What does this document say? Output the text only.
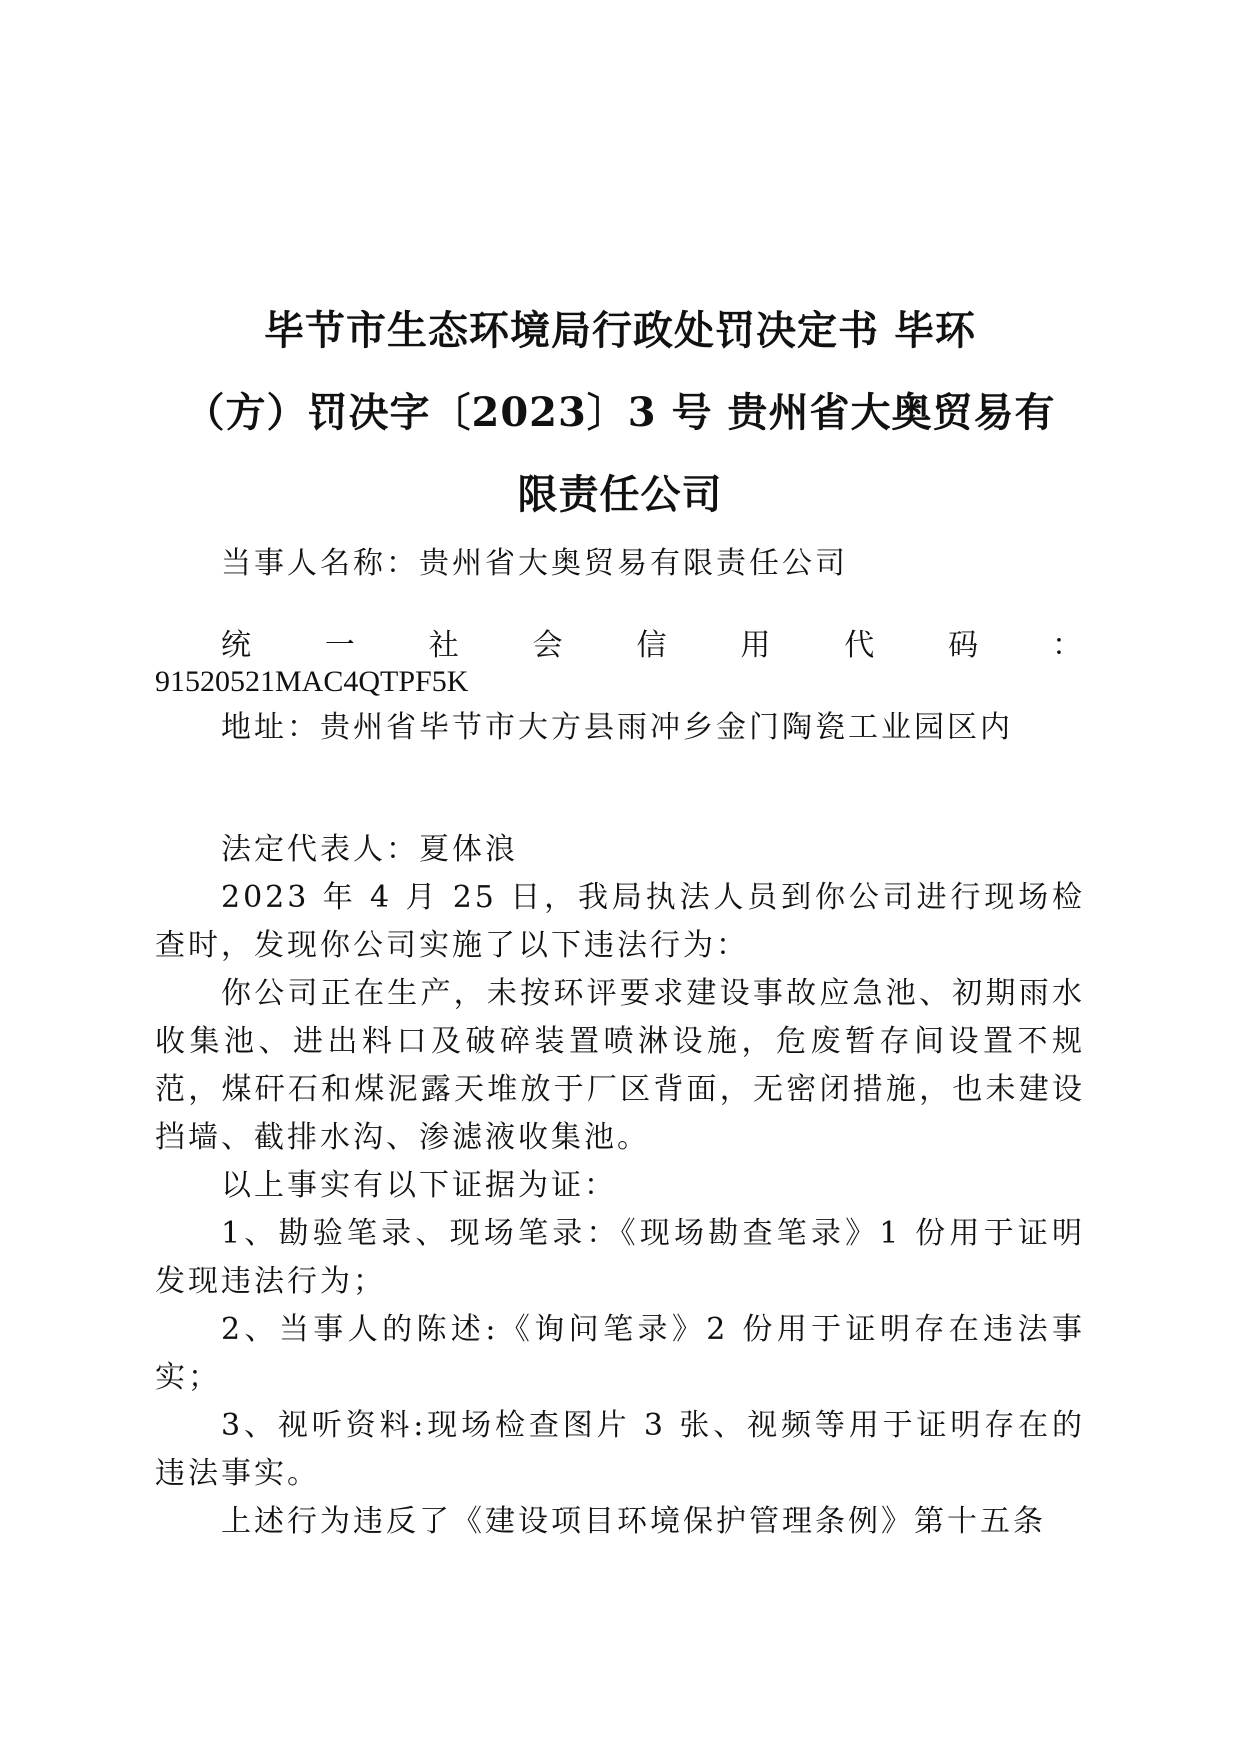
毕节市生态环境局行政处罚决定书 毕环
（方）罚决字〔2023〕3 号 贵州省大奥贸易有
限责任公司

当事人名称：贵州省大奥贸易有限责任公司

统 一 社 会 信 用 代 码 ：

91520521MAC4QTPF5K

地址：贵州省毕节市大方县雨冲乡金门陶瓷工业园区内

法定代表人：夏体浪

2023 年 4 月 25 日，我局执法人员到你公司进行现场检查时，发现你公司实施了以下违法行为：

你公司正在生产，未按环评要求建设事故应急池、初期雨水收集池、进出料口及破碎装置喷淋设施，危废暂存间设置不规范，煤矸石和煤泥露天堆放于厂区背面，无密闭措施，也未建设挡墙、截排水沟、渗滤液收集池。

以上事实有以下证据为证：

1、勘验笔录、现场笔录：《现场勘查笔录》1 份用于证明发现违法行为；

2、当事人的陈述:《询问笔录》2 份用于证明存在违法事实；

3、视听资料:现场检查图片 3 张、视频等用于证明存在的违法事实。

上述行为违反了《建设项目环境保护管理条例》第十五条
